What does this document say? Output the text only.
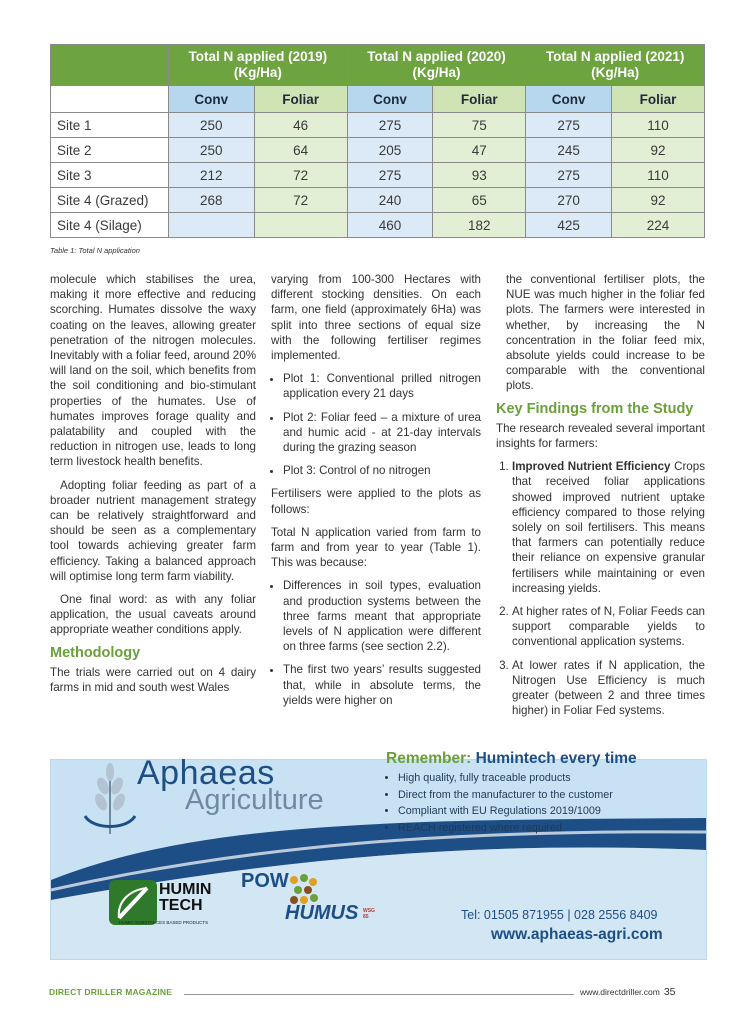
	Total N applied (2019)
(Kg/Ha)		Total N applied (2020)
(Kg/Ha)		Total N applied (2021)
(Kg/Ha)	
	Conv	Foliar	Conv	Foliar	Conv	Foliar
Site 1	250	46	275	75	275	110
Site 2	250	64	205	47	245	92
Site 3	212	72	275	93	275	110
Site 4 (Grazed)	268	72	240	65	270	92
Site 4 (Silage)			460	182	425	224
Table 1: Total N application

molecule which stabilises the urea, making it more effective and reducing scorching. Humates dissolve the waxy coating on the leaves, allowing greater penetration of the nitrogen molecules. Inevitably with a foliar feed, around 20% will land on the soil, which benefits from the soil conditioning and bio-stimulant properties of the humates. Use of humates improves forage quality and palatability and coupled with the reduction in nitrogen use, leads to long term livestock health benefits.

Adopting foliar feeding as part of a broader nutrient management strategy can be relatively straightforward and should be seen as a complementary tool towards achieving greater farm efficiency. Taking a balanced approach will optimise long term farm viability.

One final word: as with any foliar application, the usual caveats around appropriate weather conditions apply.

Methodology

The trials were carried out on 4 dairy farms in mid and south west Wales

varying from 100-300 Hectares with different stocking densities. On each farm, one field (approximately 6Ha) was split into three sections of equal size with the following fertiliser regimes implemented.

• Plot 1: Conventional prilled nitrogen application every 21 days
• Plot 2: Foliar feed – a mixture of urea and humic acid - at 21-day intervals during the grazing season
• Plot 3: Control of no nitrogen

Fertilisers were applied to the plots as follows:

Total N application varied from farm to farm and from year to year (Table 1). This was because:

• Differences in soil types, evaluation and production systems between the three farms meant that appropriate levels of N application were different on three farms (see section 2.2).
• The first two years’ results suggested that, while in absolute terms, the yields were higher on

the conventional fertiliser plots, the NUE was much higher in the foliar fed plots. The farmers were interested in whether, by increasing the N concentration in the foliar feed mix, absolute yields could increase to be comparable with the conventional plots.

Key Findings from the Study

The research revealed several important insights for farmers:

1. Improved Nutrient Efficiency Crops that received foliar applications showed improved nutrient uptake efficiency compared to those relying solely on soil fertilisers. This means that farmers can potentially reduce their reliance on expensive granular fertilisers while maintaining or even increasing yields.
2. At higher rates of N, Foliar Feeds can support comparable yields to conventional application systems.
3. At lower rates if N application, the Nitrogen Use Efficiency is much greater (between 2 and three times higher) in Foliar Fed systems.
Aphaeas
Agriculture
Remember: Humintech every time
• High quality, fully traceable products
• Direct from the manufacturer to the customer
• Compliant with EU Regulations 2019/1009
• REACH registered where required
HUMIN TECH
HUMIC SUBSTANCES BASED PRODUCTS
POW
HUMUS WSG 85	Tel: 01505 871955 | 028 2556 8409
www.aphaeas-agri.com
DIRECT DRILLER MAGAZINE	www.directdriller.com 35
